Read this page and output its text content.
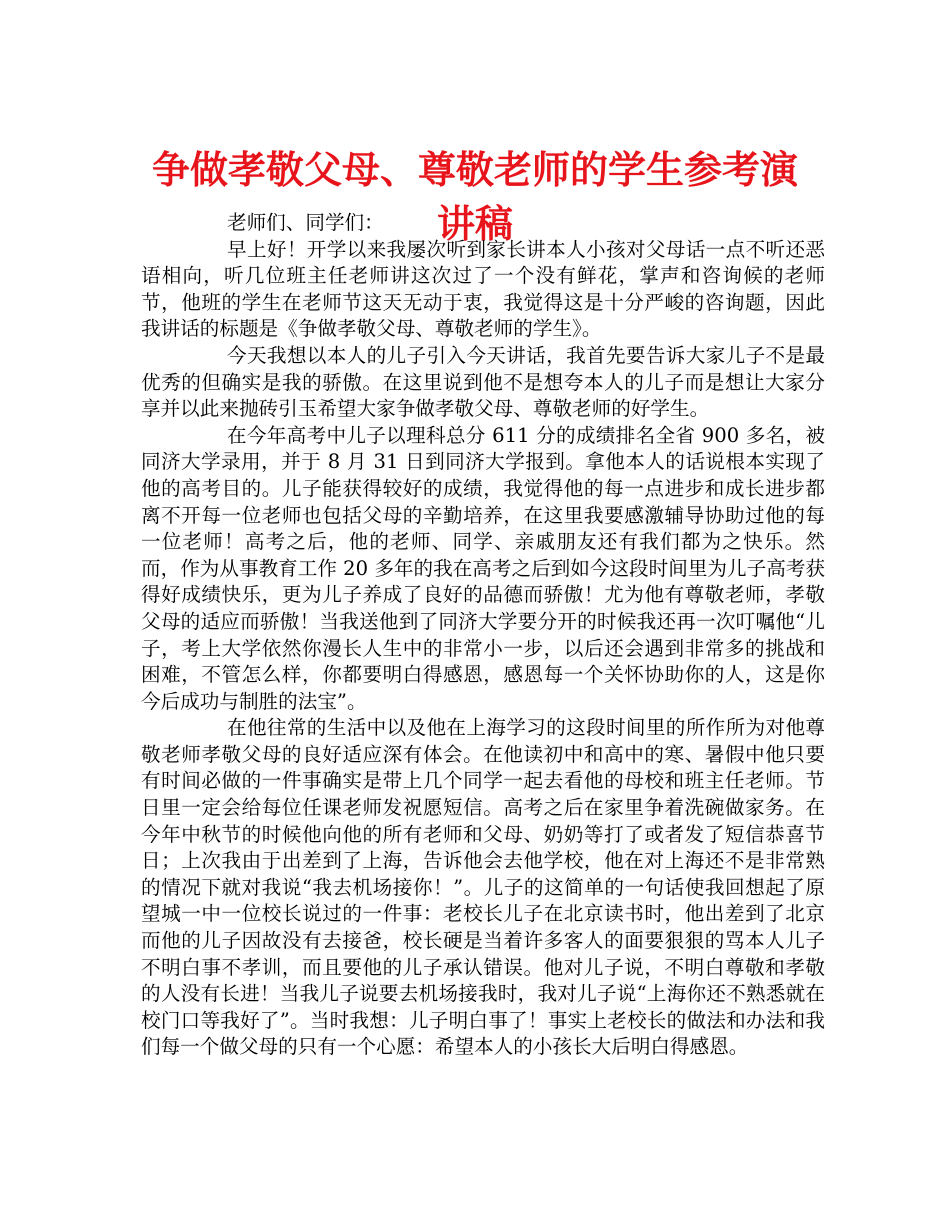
争做孝敬父母、尊敬老师的学生参考演讲稿

老师们、同学们：

早上好！开学以来我屡次听到家长讲本人小孩对父母话一点不听还恶语相向，听几位班主任老师讲这次过了一个没有鲜花，掌声和咨询候的老师节，他班的学生在老师节这天无动于衷，我觉得这是十分严峻的咨询题，因此我讲话的标题是《争做孝敬父母、尊敬老师的学生》。

今天我想以本人的儿子引入今天讲话，我首先要告诉大家儿子不是最优秀的但确实是我的骄傲。在这里说到他不是想夸本人的儿子而是想让大家分享并以此来抛砖引玉希望大家争做孝敬父母、尊敬老师的好学生。

在今年高考中儿子以理科总分 611 分的成绩排名全省 900 多名，被同济大学录用，并于 8 月 31 日到同济大学报到。拿他本人的话说根本实现了他的高考目的。儿子能获得较好的成绩，我觉得他的每一点进步和成长进步都离不开每一位老师也包括父母的辛勤培养，在这里我要感激辅导协助过他的每一位老师！高考之后，他的老师、同学、亲戚朋友还有我们都为之快乐。然而，作为从事教育工作 20 多年的我在高考之后到如今这段时间里为儿子高考获得好成绩快乐，更为儿子养成了良好的品德而骄傲！尤为他有尊敬老师，孝敬父母的适应而骄傲！当我送他到了同济大学要分开的时候我还再一次叮嘱他“儿子，考上大学依然你漫长人生中的非常小一步，以后还会遇到非常多的挑战和困难，不管怎么样，你都要明白得感恩，感恩每一个关怀协助你的人，这是你今后成功与制胜的法宝”。

在他往常的生活中以及他在上海学习的这段时间里的所作所为对他尊敬老师孝敬父母的良好适应深有体会。在他读初中和高中的寒、暑假中他只要有时间必做的一件事确实是带上几个同学一起去看他的母校和班主任老师。节日里一定会给每位任课老师发祝愿短信。高考之后在家里争着洗碗做家务。在今年中秋节的时候他向他的所有老师和父母、奶奶等打了或者发了短信恭喜节日；上次我由于出差到了上海，告诉他会去他学校，他在对上海还不是非常熟的情况下就对我说“我去机场接你！”。儿子的这简单的一句话使我回想起了原望城一中一位校长说过的一件事：老校长儿子在北京读书时，他出差到了北京而他的儿子因故没有去接爸，校长硬是当着许多客人的面要狠狠的骂本人儿子不明白事不孝训，而且要他的儿子承认错误。他对儿子说，不明白尊敬和孝敬的人没有长进！当我儿子说要去机场接我时，我对儿子说“上海你还不熟悉就在校门口等我好了”。当时我想：儿子明白事了！事实上老校长的做法和办法和我们每一个做父母的只有一个心愿：希望本人的小孩长大后明白得感恩。
